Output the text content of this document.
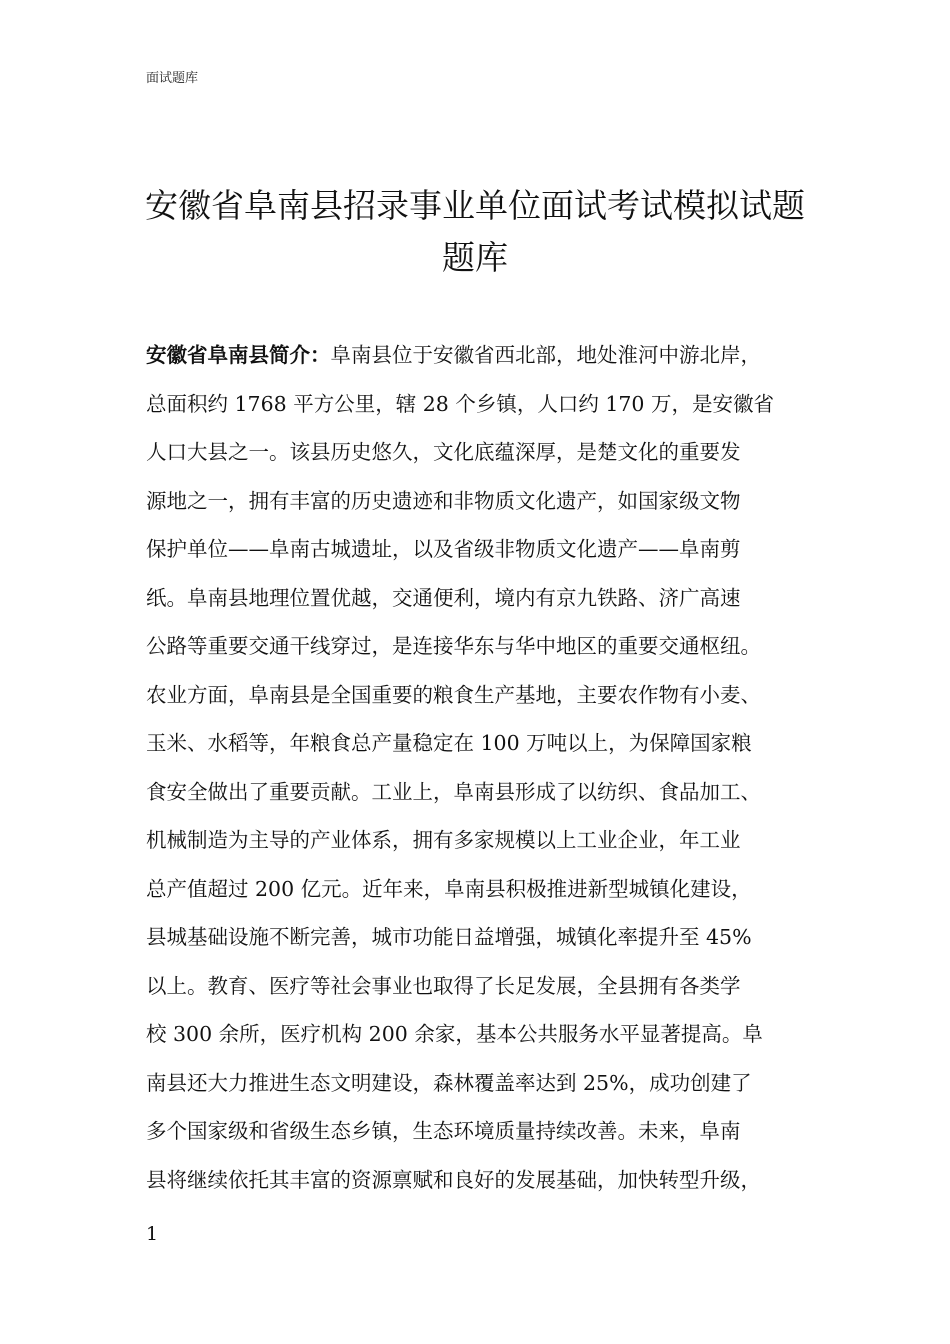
面试题库
安徽省阜南县招录事业单位面试考试模拟试题
题库
安徽省阜南县简介：阜南县位于安徽省西北部，地处淮河中游北岸，
总面积约 1768 平方公里，辖 28 个乡镇，人口约 170 万，是安徽省
人口大县之一。该县历史悠久，文化底蕴深厚，是楚文化的重要发
源地之一，拥有丰富的历史遗迹和非物质文化遗产，如国家级文物
保护单位——阜南古城遗址，以及省级非物质文化遗产——阜南剪
纸。阜南县地理位置优越，交通便利，境内有京九铁路、济广高速
公路等重要交通干线穿过，是连接华东与华中地区的重要交通枢纽。
农业方面，阜南县是全国重要的粮食生产基地，主要农作物有小麦、
玉米、水稻等，年粮食总产量稳定在 100 万吨以上，为保障国家粮
食安全做出了重要贡献。工业上，阜南县形成了以纺织、食品加工、
机械制造为主导的产业体系，拥有多家规模以上工业企业，年工业
总产值超过 200 亿元。近年来，阜南县积极推进新型城镇化建设，
县城基础设施不断完善，城市功能日益增强，城镇化率提升至 45%
以上。教育、医疗等社会事业也取得了长足发展，全县拥有各类学
校 300 余所，医疗机构 200 余家，基本公共服务水平显著提高。阜
南县还大力推进生态文明建设，森林覆盖率达到 25%，成功创建了
多个国家级和省级生态乡镇，生态环境质量持续改善。未来，阜南
县将继续依托其丰富的资源禀赋和良好的发展基础，加快转型升级，
1
